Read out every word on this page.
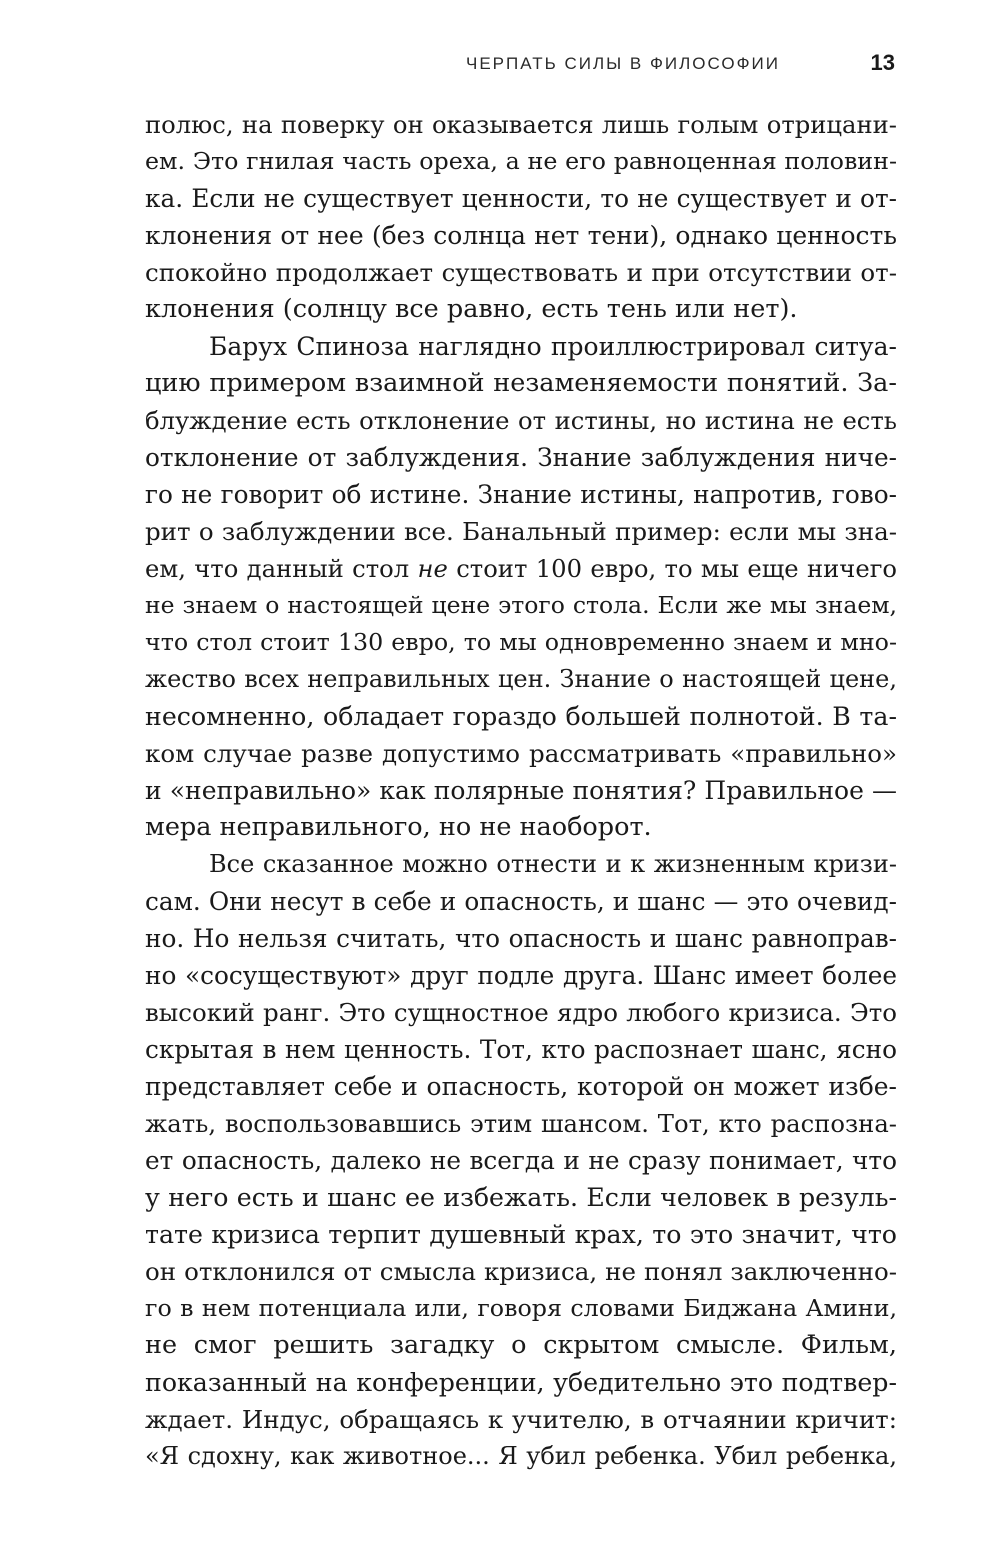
ЧЕРПАТЬ СИЛЫ В ФИЛОСОФИИ	13
полюс, на поверку он оказывается лишь голым отрицани-
ем. Это гнилая часть ореха, а не его равноценная половин-
ка. Если не существует ценности, то не существует и от-
клонения от нее (без солнца нет тени), однако ценность
спокойно продолжает существовать и при отсутствии от-
клонения (солнцу все равно, есть тень или нет).
Барух Спиноза наглядно проиллюстрировал ситуа-
цию примером взаимной незаменяемости понятий. За-
блуждение есть отклонение от истины, но истина не есть
отклонение от заблуждения. Знание заблуждения ниче-
го не говорит об истине. Знание истины, напротив, гово-
рит о заблуждении все. Банальный пример: если мы зна-
ем, что данный стол не стоит 100 евро, то мы еще ничего
не знаем о настоящей цене этого стола. Если же мы знаем,
что стол стоит 130 евро, то мы одновременно знаем и мно-
жество всех неправильных цен. Знание о настоящей цене,
несомненно, обладает гораздо большей полнотой. В та-
ком случае разве допустимо рассматривать «правильно»
и «неправильно» как полярные понятия? Правильное —
мера неправильного, но не наоборот.
Все сказанное можно отнести и к жизненным кризи-
сам. Они несут в себе и опасность, и шанс — это очевид-
но. Но нельзя считать, что опасность и шанс равноправ-
но «сосуществуют» друг подле друга. Шанс имеет более
высокий ранг. Это сущностное ядро любого кризиса. Это
скрытая в нем ценность. Тот, кто распознает шанс, ясно
представляет себе и опасность, которой он может избе-
жать, воспользовавшись этим шансом. Тот, кто распозна-
ет опасность, далеко не всегда и не сразу понимает, что
у него есть и шанс ее избежать. Если человек в резуль-
тате кризиса терпит душевный крах, то это значит, что
он отклонился от смысла кризиса, не понял заключенно-
го в нем потенциала или, говоря словами Биджана Амини,
не смог решить загадку о скрытом смысле. Фильм,
показанный на конференции, убедительно это подтвер-
ждает. Индус, обращаясь к учителю, в отчаянии кричит:
«Я сдохну, как животное... Я убил ребенка. Убил ребенка,
